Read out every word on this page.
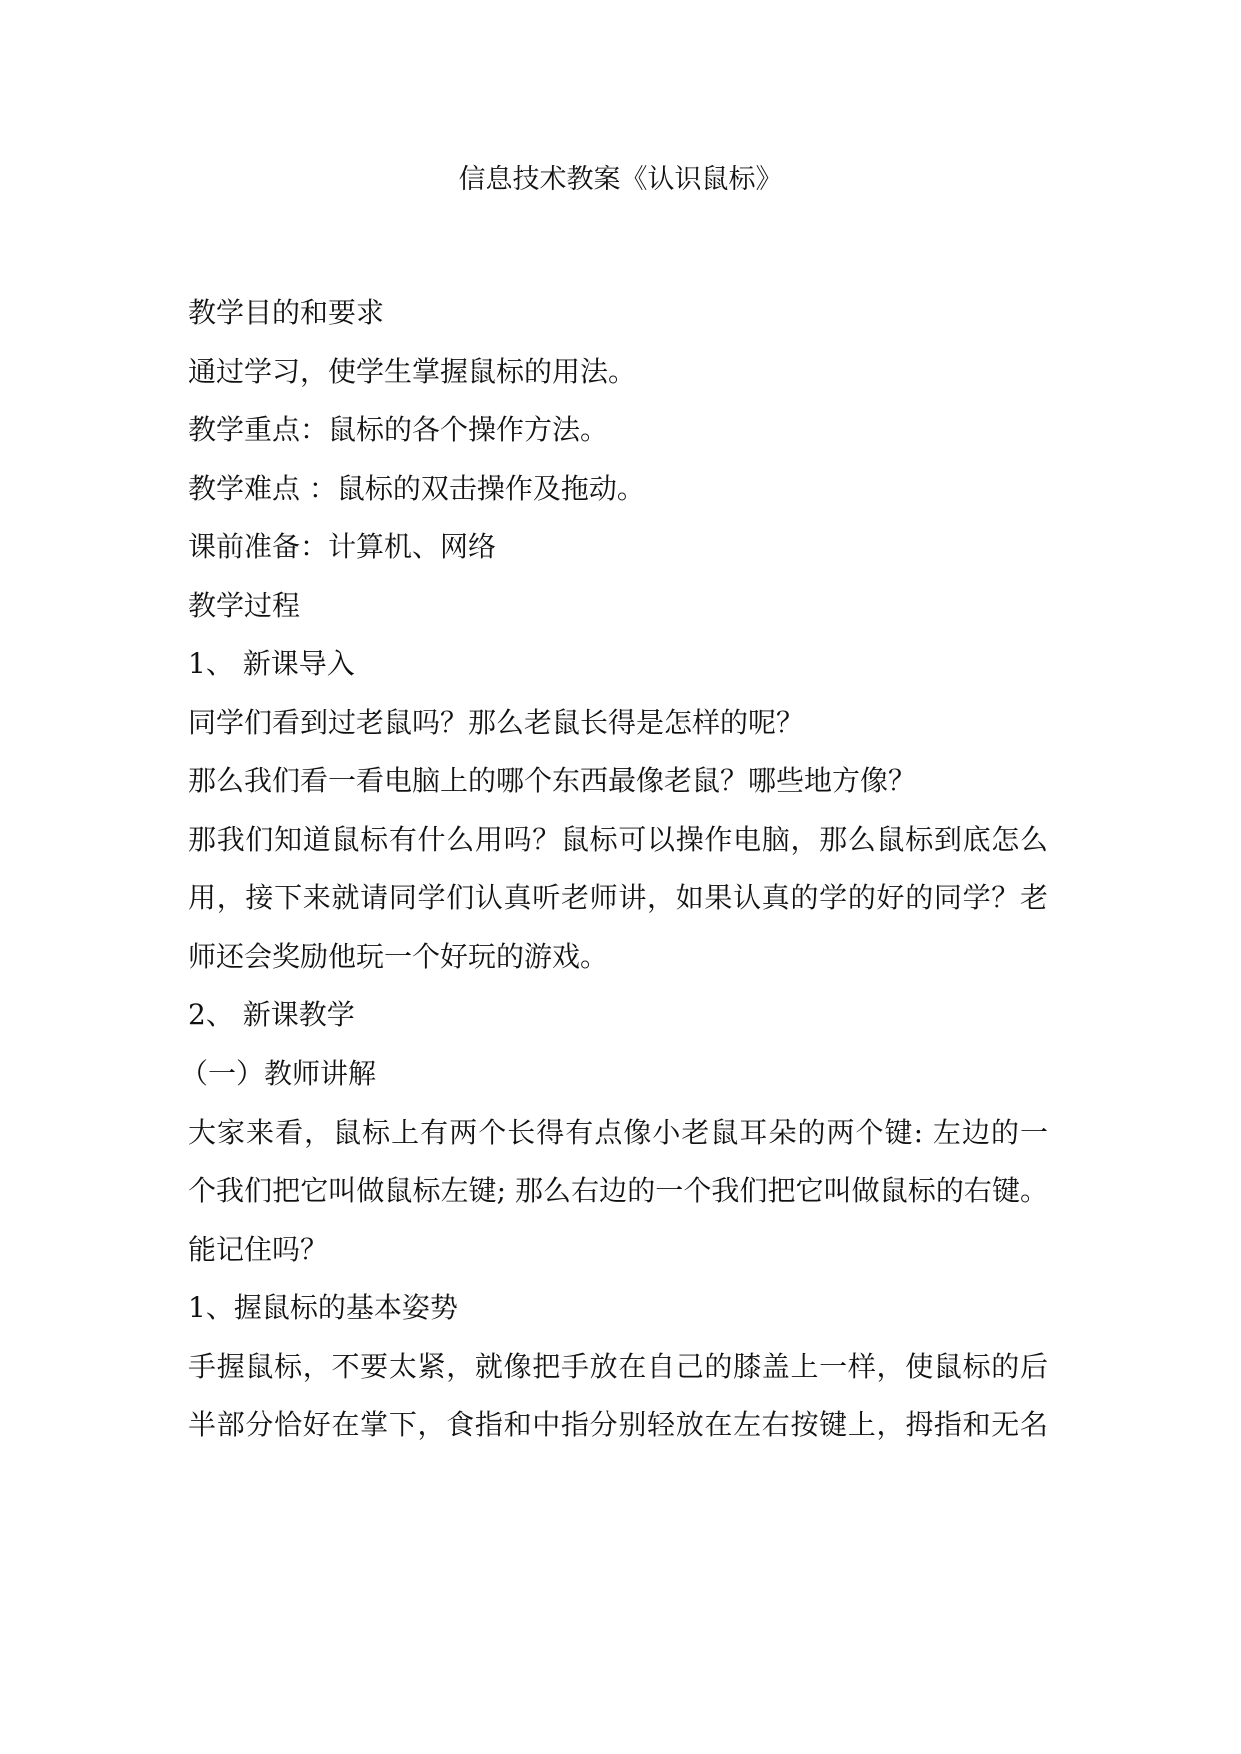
信息技术教案《认识鼠标》
教学目的和要求
通过学习，使学生掌握鼠标的用法。
教学重点：鼠标的各个操作方法。
教学难点 ：鼠标的双击操作及拖动。
课前准备：计算机、网络
教学过程
1、 新课导入
同学们看到过老鼠吗？那么老鼠长得是怎样的呢？
那么我们看一看电脑上的哪个东西最像老鼠？哪些地方像？
那我们知道鼠标有什么用吗？鼠标可以操作电脑，那么鼠标到底怎么
用，接下来就请同学们认真听老师讲，如果认真的学的好的同学？老
师还会奖励他玩一个好玩的游戏。
2、 新课教学
（一）教师讲解
大家来看，鼠标上有两个长得有点像小老鼠耳朵的两个键: 左边的一
个我们把它叫做鼠标左键; 那么右边的一个我们把它叫做鼠标的右键。
能记住吗？
1、握鼠标的基本姿势
手握鼠标，不要太紧，就像把手放在自己的膝盖上一样，使鼠标的后
半部分恰好在掌下，食指和中指分别轻放在左右按键上，拇指和无名
